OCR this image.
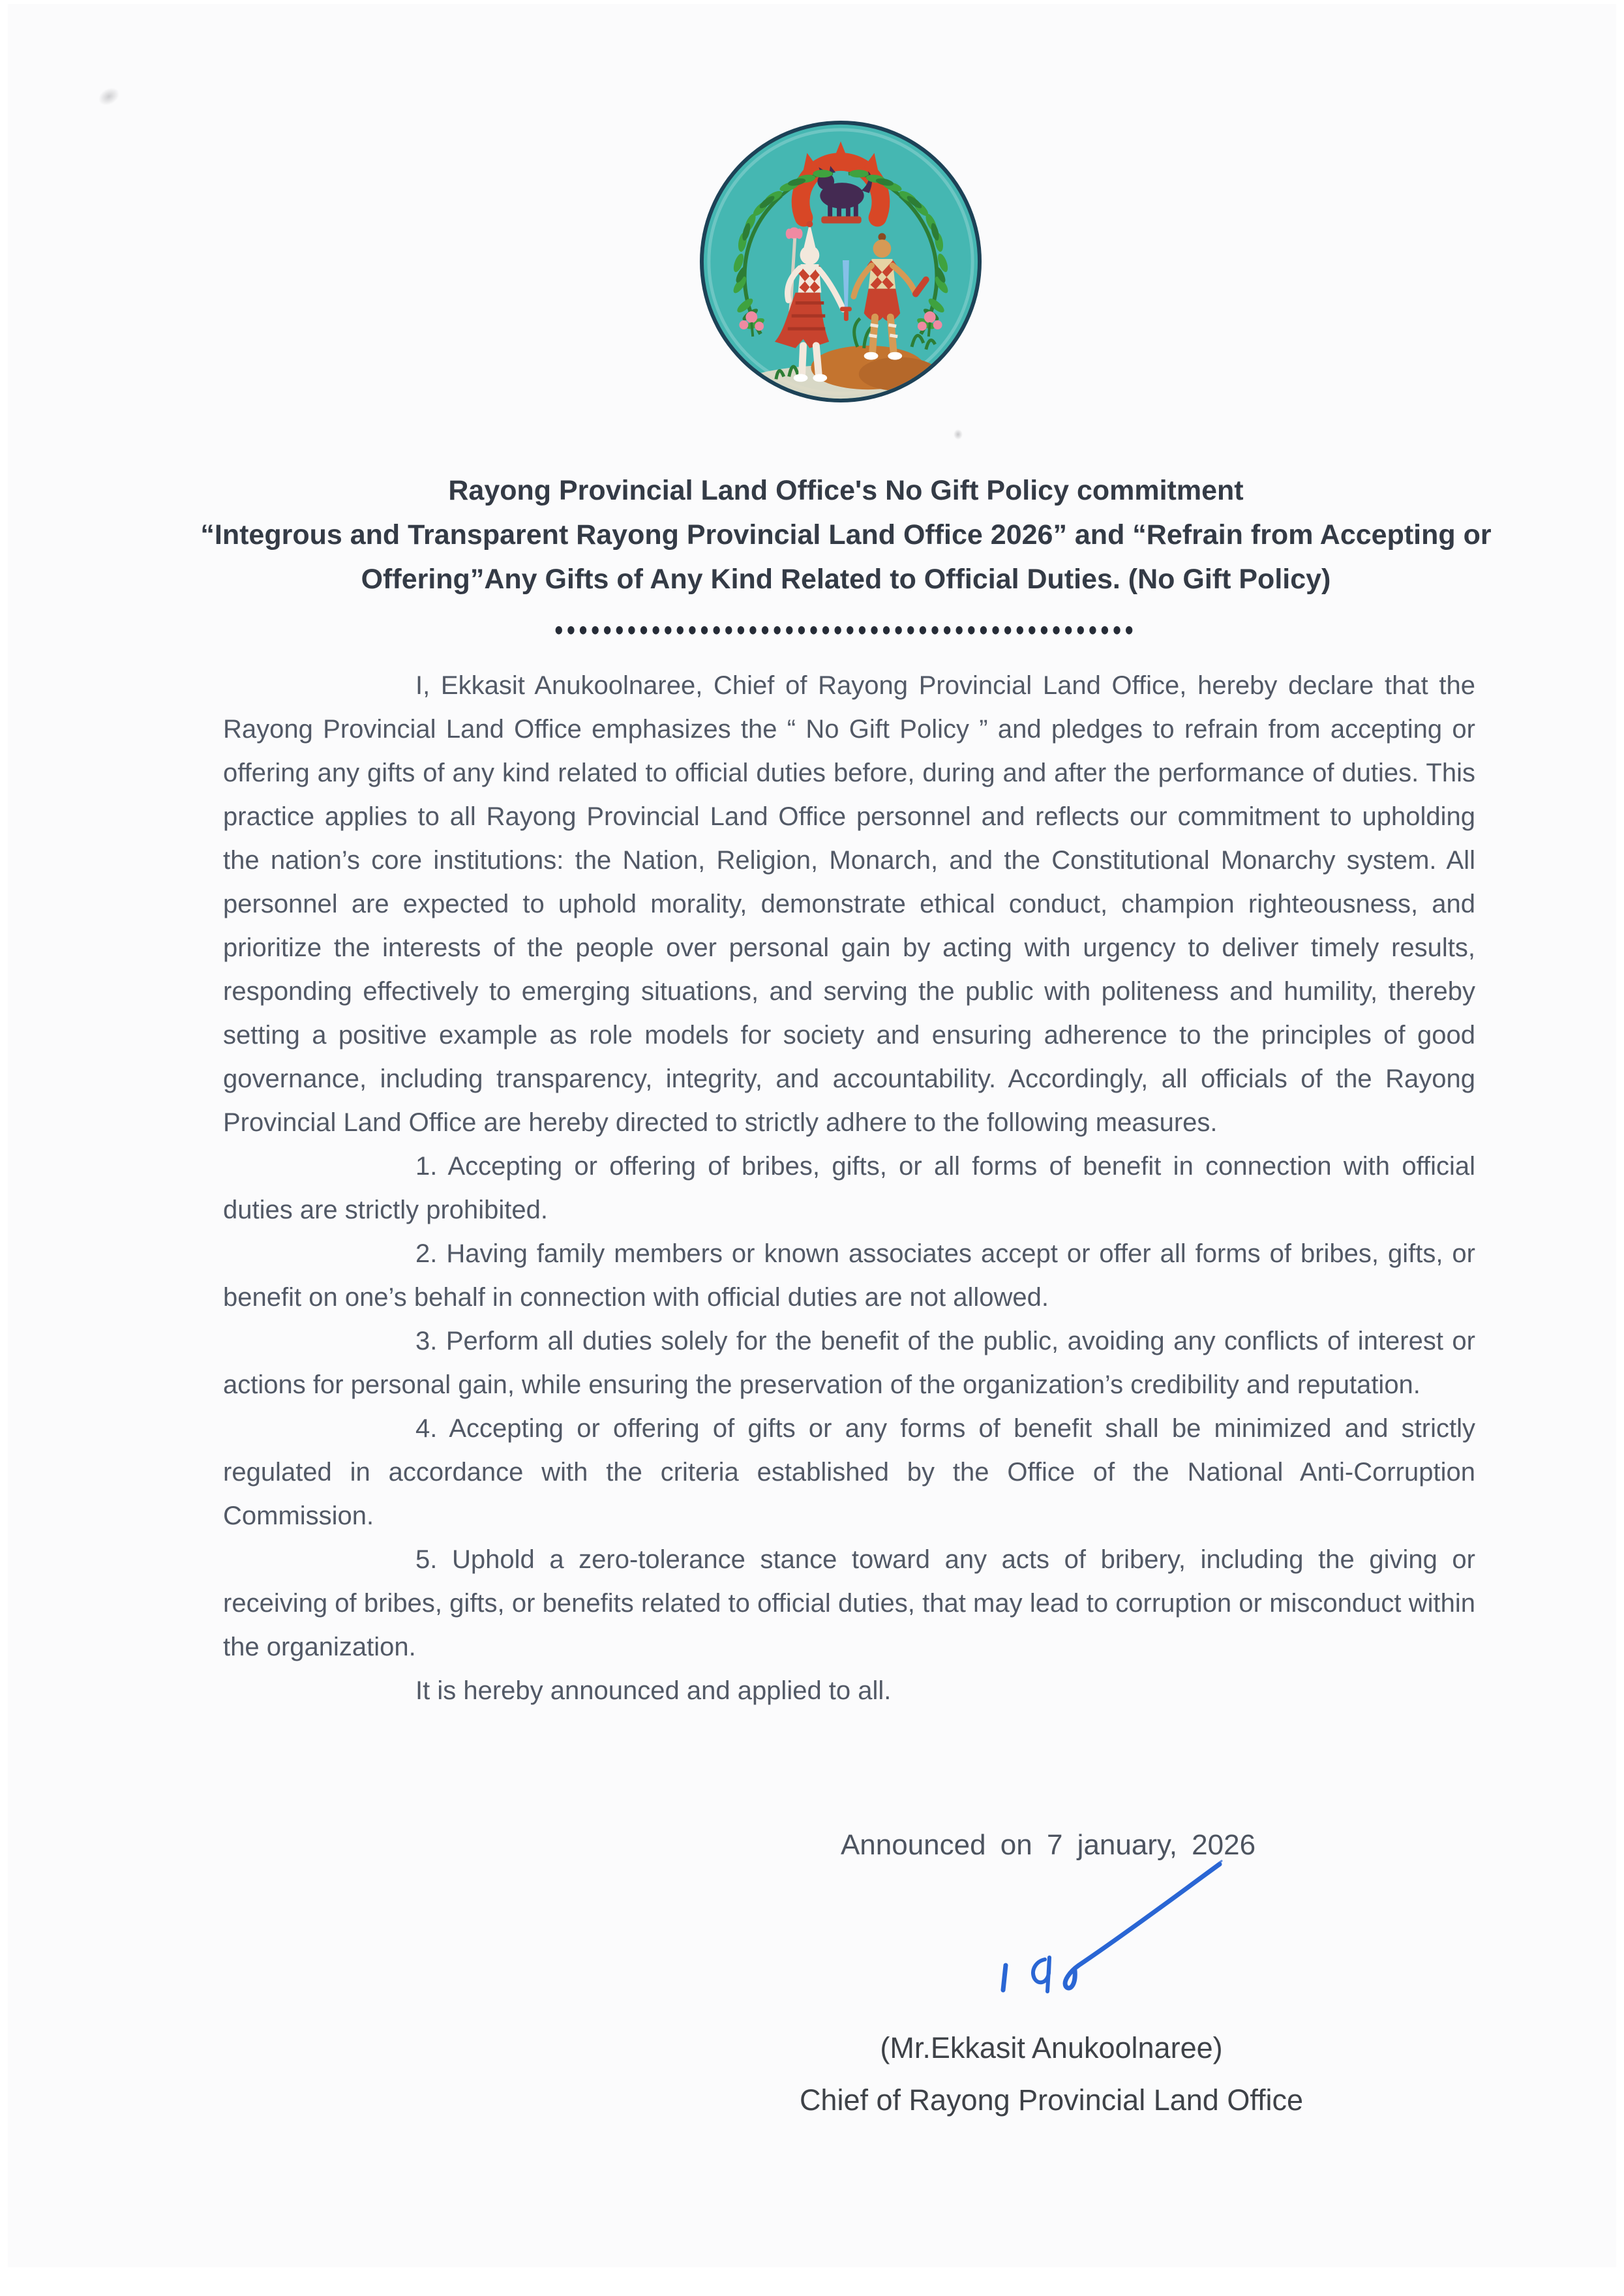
Rayong Provincial Land Office's No Gift Policy commitment
“Integrous and Transparent Rayong Provincial Land Office 2026” and “Refrain from Accepting or
Offering”Any Gifts of Any Kind Related to Official Duties. (No Gift Policy)
••••••••••••••••••••••••••••••••••••••••••••••••

I, Ekkasit Anukoolnaree, Chief of Rayong Provincial Land Office, hereby declare that the Rayong Provincial Land Office emphasizes the “ No Gift Policy ” and pledges to refrain from accepting or offering any gifts of any kind related to official duties before, during and after the performance of duties. This practice applies to all Rayong Provincial Land Office personnel and reflects our commitment to upholding the nation’s core institutions: the Nation, Religion, Monarch, and the Constitutional Monarchy system. All personnel are expected to uphold morality, demonstrate ethical conduct, champion righteousness, and prioritize the interests of the people over personal gain by acting with urgency to deliver timely results, responding effectively to emerging situations, and serving the public with politeness and humility, thereby setting a positive example as role models for society and ensuring adherence to the principles of good governance, including transparency, integrity, and accountability. Accordingly, all officials of the Rayong Provincial Land Office are hereby directed to strictly adhere to the following measures.

1. Accepting or offering of bribes, gifts, or all forms of benefit in connection with official duties are strictly prohibited.

2. Having family members or known associates accept or offer all forms of bribes, gifts, or benefit on one’s behalf in connection with official duties are not allowed.

3. Perform all duties solely for the benefit of the public, avoiding any conflicts of interest or actions for personal gain, while ensuring the preservation of the organization’s credibility and reputation.

4. Accepting or offering of gifts or any forms of benefit shall be minimized and strictly regulated in accordance with the criteria established by the Office of the National Anti-Corruption Commission.

5. Uphold a zero-tolerance stance toward any acts of bribery, including the giving or receiving of bribes, gifts, or benefits related to official duties, that may lead to corruption or misconduct within the organization.

It is hereby announced and applied to all.

Announced on 7 january, 2026
(Mr.Ekkasit Anukoolnaree)
Chief of Rayong Provincial Land Office
